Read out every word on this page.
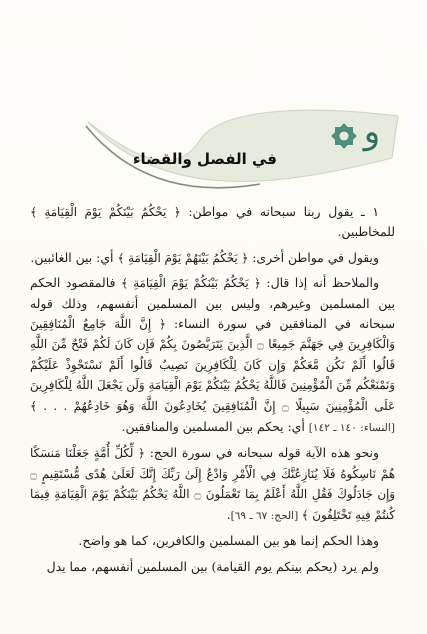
و
في الفصل والقضاء

١ ـ يقول ربنا سبحانه في مواطن: ﴿ يَحْكُمُ بَيْنَكُمْ يَوْمَ الْقِيَامَةِ ﴾ للمخاطبين.

ويقول في مواطن أخرى: ﴿ يَحْكُمُ بَيْنَهُمْ يَوْمَ الْقِيَامَةِ ﴾ أي: بين الغائبين.

والملاحظ أنه إذا قال: ﴿ يَحْكُمُ بَيْنَكُمْ يَوْمَ الْقِيَامَةِ ﴾ فالمقصود الحكم بين المسلمين وغيرهم، وليس بين المسلمين أنفسهم، وذلك قوله سبحانه في المنافقين في سورة النساء: ﴿ إِنَّ اللَّهَ جَامِعُ الْمُنَافِقِينَ وَالْكَافِرِينَ فِي جَهَنَّمَ جَمِيعًا ۝ الَّذِينَ يَتَرَبَّصُونَ بِكُمْ فَإِن كَانَ لَكُمْ فَتْحٌ مِّنَ اللَّهِ قَالُوا أَلَمْ نَكُن مَّعَكُمْ وَإِن كَانَ لِلْكَافِرِينَ نَصِيبٌ قَالُوا أَلَمْ نَسْتَحْوِذْ عَلَيْكُمْ وَنَمْنَعْكُم مِّنَ الْمُؤْمِنِينَ فَاللَّهُ يَحْكُمُ بَيْنَكُمْ يَوْمَ الْقِيَامَةِ وَلَن يَجْعَلَ اللَّهُ لِلْكَافِرِينَ عَلَى الْمُؤْمِنِينَ سَبِيلًا ۝ إِنَّ الْمُنَافِقِينَ يُخَادِعُونَ اللَّهَ وَهُوَ خَادِعُهُمْ . . . ﴾ [النساء: ١٤٠ ـ ١٤٢] أي: يحكم بين المسلمين والمنافقين.

ونحو هذه الآية قوله سبحانه في سورة الحج: ﴿ لِّكُلِّ أُمَّةٍ جَعَلْنَا مَنسَكًا هُمْ نَاسِكُوهُ فَلَا يُنَازِعُنَّكَ فِي الْأَمْرِ وَادْعُ إِلَىٰ رَبِّكَ إِنَّكَ لَعَلَىٰ هُدًى مُّسْتَقِيمٍ ۝ وَإِن جَادَلُوكَ فَقُلِ اللَّهُ أَعْلَمُ بِمَا تَعْمَلُونَ ۝ اللَّهُ يَحْكُمُ بَيْنَكُمْ يَوْمَ الْقِيَامَةِ فِيمَا كُنتُمْ فِيهِ تَخْتَلِفُونَ ﴾ [الحج: ٦٧ ـ ٦٩].

وهذا الحكم إنما هو بين المسلمين والكافرين، كما هو واضح.

ولم يرد (يحكم بينكم يوم القيامة) بين المسلمين أنفسهم، مما يدل
